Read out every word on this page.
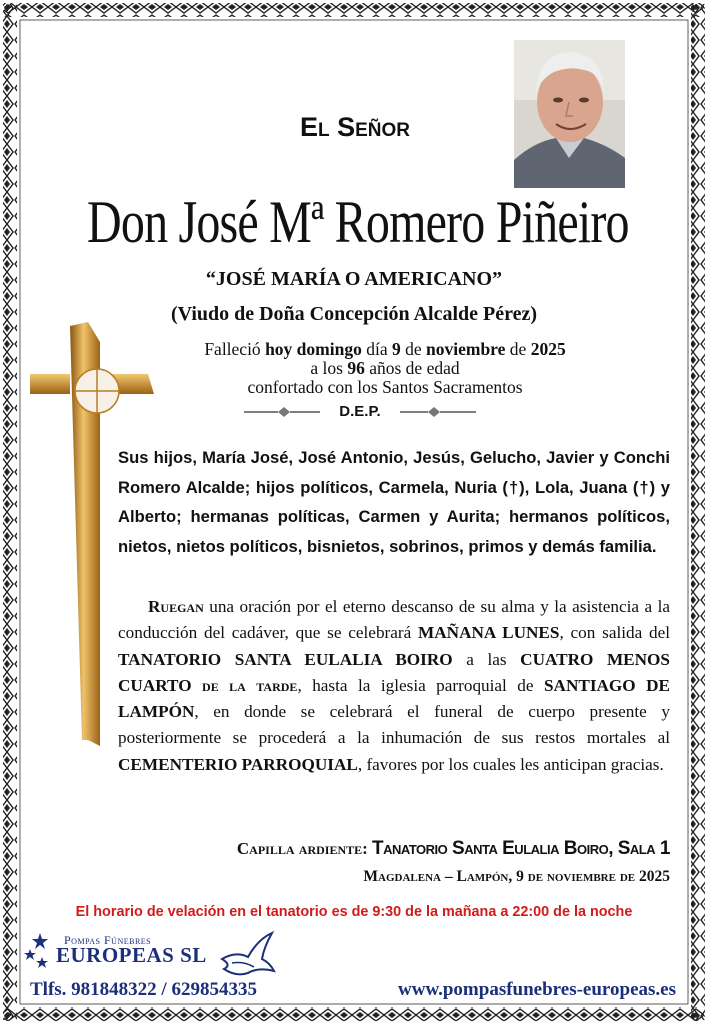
El Señor
Don José Mª Romero Piñeiro
“JOSÉ MARÍA O AMERICANO”
(Viudo de Doña Concepción Alcalde Pérez)
Falleció hoy domingo día 9 de noviembre de 2025
a los 96 años de edad
confortado con los Santos Sacramentos
D.E.P.
Sus hijos, María José, José Antonio, Jesús, Gelucho, Javier y Conchi Romero Alcalde; hijos políticos, Carmela, Nuria (†), Lola, Juana (†) y Alberto; hermanas políticas, Carmen y Aurita; hermanos políticos, nietos, nietos políticos, bisnietos, sobrinos, primos y demás familia.
Ruegan una oración por el eterno descanso de su alma y la asistencia a la conducción del cadáver, que se celebrará MAÑANA LUNES, con salida del TANATORIO SANTA EULALIA BOIRO a las CUATRO MENOS CUARTO de la tarde, hasta la iglesia parroquial de SANTIAGO DE LAMPÓN, en donde se celebrará el funeral de cuerpo presente y posteriormente se procederá a la inhumación de sus restos mortales al CEMENTERIO PARROQUIAL, favores por los cuales les anticipan gracias.
Capilla ardiente: Tanatorio Santa Eulalia Boiro, Sala 1
Magdalena – Lampón, 9 de noviembre de 2025
El horario de velación en el tanatorio es de 9:30 de la mañana a 22:00 de la noche
Pompas Fúnebres
EUROPEAS SL
Tlfs. 981848322 / 629854335	www.pompasfunebres-europeas.es
